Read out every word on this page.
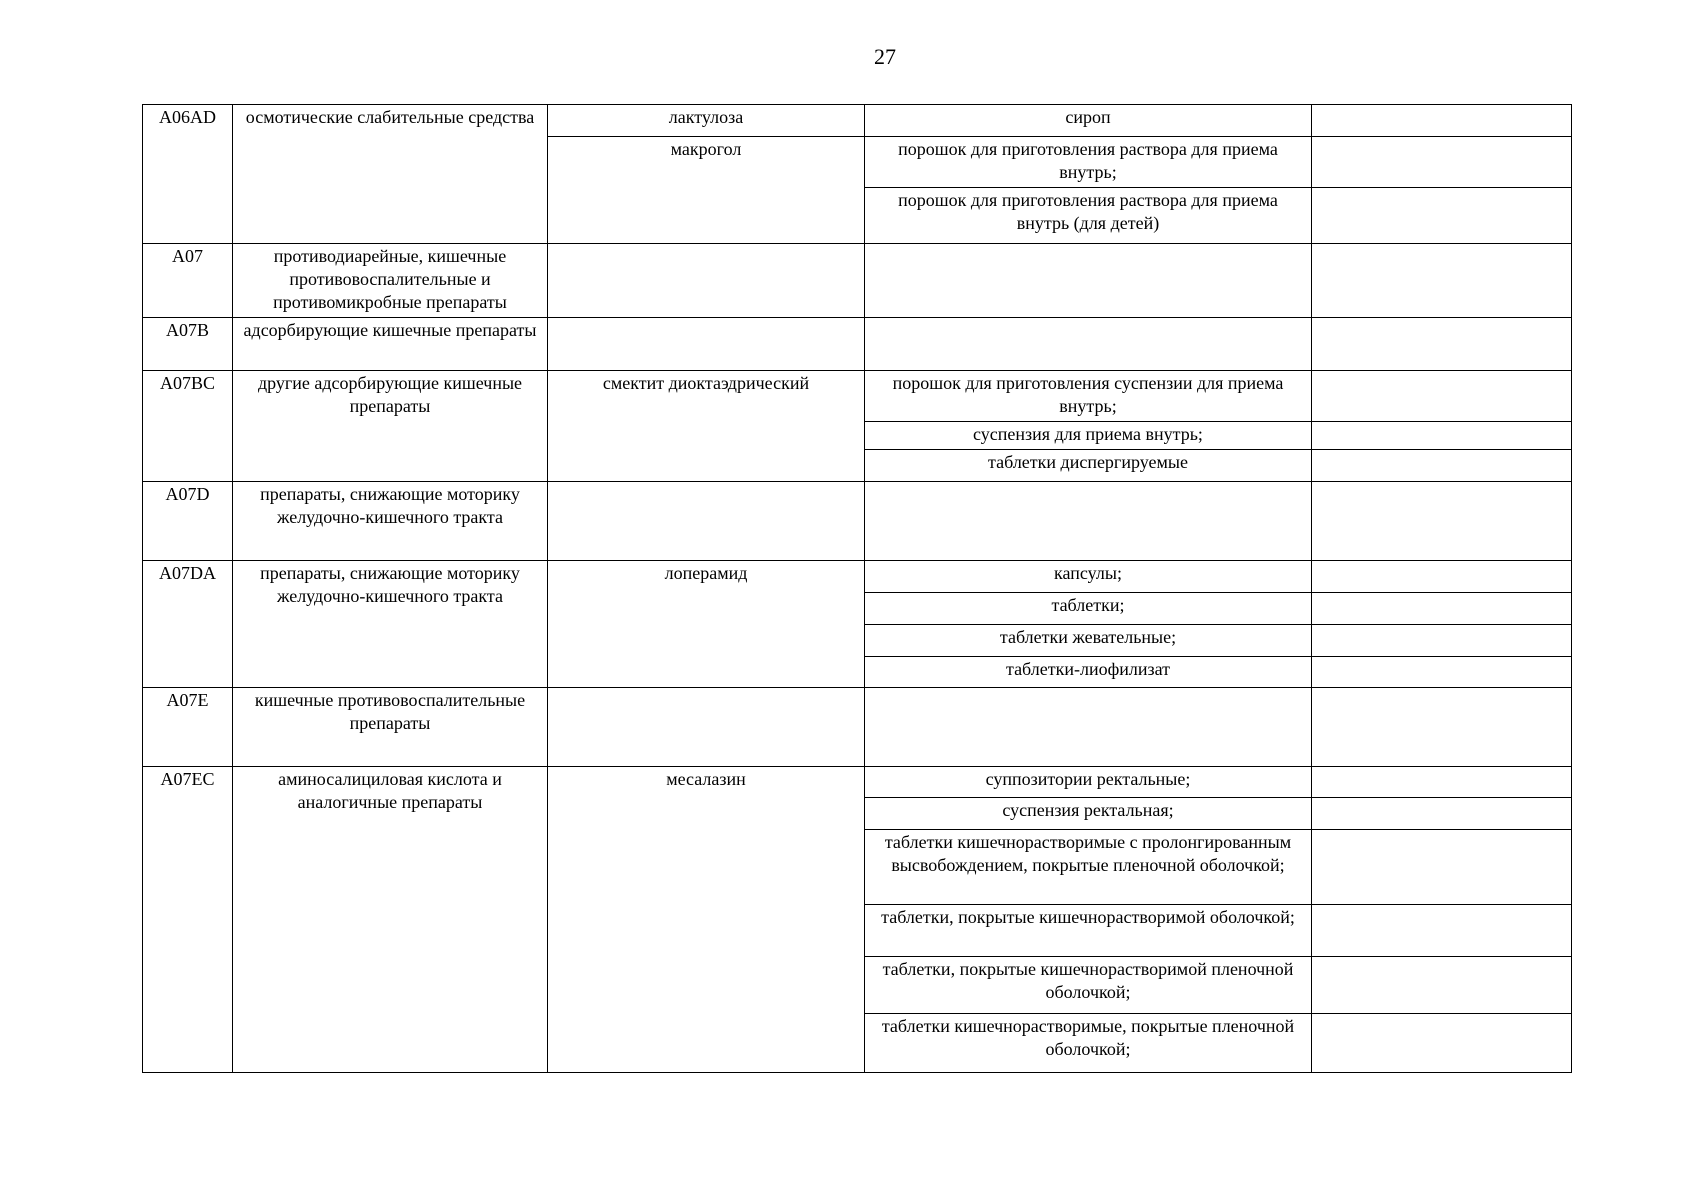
27
A06AD	осмотические слабительные средства	лактулоза	сироп	
		макрогол	порошок для приготовления раствора для приема внутрь;	
			порошок для приготовления раствора для приема внутрь (для детей)	
A07	противодиарейные, кишечные противовоспалительные и противомикробные препараты			
A07B	адсорбирующие кишечные препараты			
A07BC	другие адсорбирующие кишечные препараты	смектит диоктаэдрический	порошок для приготовления суспензии для приема внутрь;	
			суспензия для приема внутрь;	
			таблетки диспергируемые	
A07D	препараты, снижающие моторику желудочно-кишечного тракта			
A07DA	препараты, снижающие моторику желудочно-кишечного тракта	лоперамид	капсулы;	
			таблетки;	
			таблетки жевательные;	
			таблетки-лиофилизат	
A07E	кишечные противовоспалительные препараты			
A07EC	аминосалициловая кислота и аналогичные препараты	месалазин	суппозитории ректальные;	
			суспензия ректальная;	
			таблетки кишечнорастворимые с пролонгированным высвобождением, покрытые пленочной оболочкой;	
			таблетки, покрытые кишечнорастворимой оболочкой;	
			таблетки, покрытые кишечнорастворимой пленочной оболочкой;	
			таблетки кишечнорастворимые, покрытые пленочной оболочкой;	
